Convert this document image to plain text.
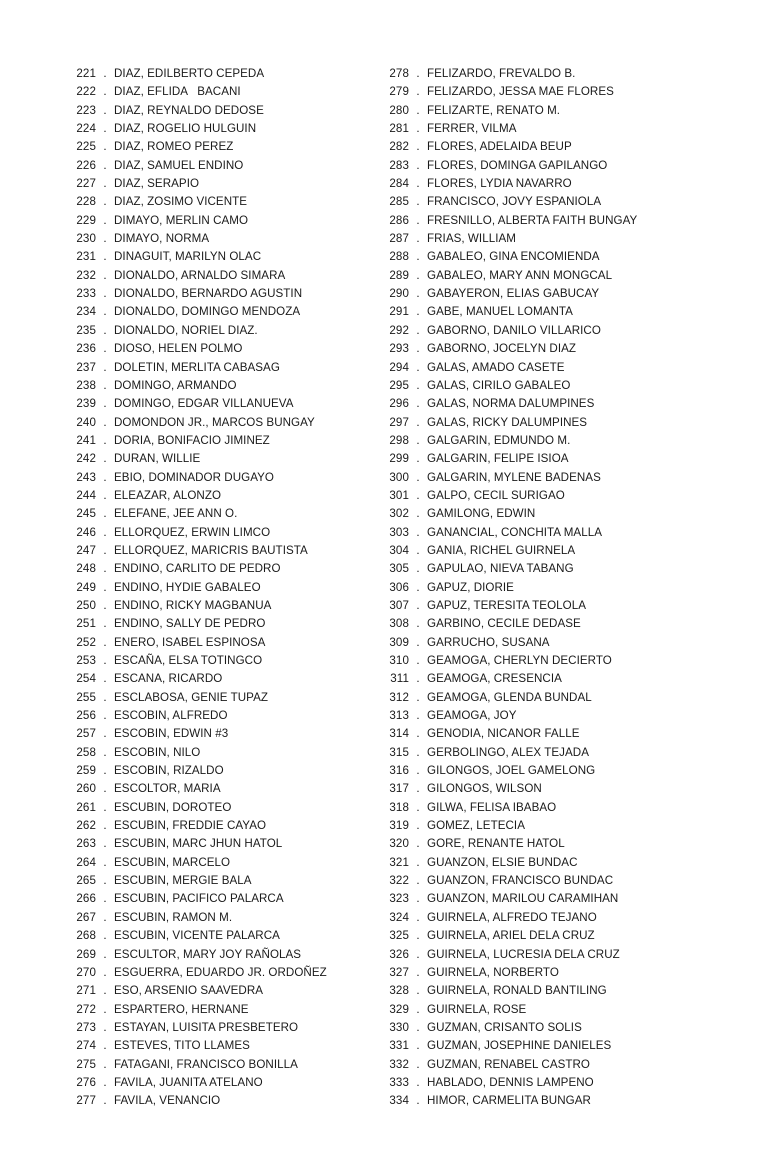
221 . DIAZ, EDILBERTO CEPEDA
222 . DIAZ, EFLIDA   BACANI
223 . DIAZ, REYNALDO DEDOSE
224 . DIAZ, ROGELIO HULGUIN
225 . DIAZ, ROMEO PEREZ
226 . DIAZ, SAMUEL ENDINO
227 . DIAZ, SERAPIO
228 . DIAZ, ZOSIMO VICENTE
229 . DIMAYO, MERLIN CAMO
230 . DIMAYO, NORMA
231 . DINAGUIT, MARILYN OLAC
232 . DIONALDO, ARNALDO SIMARA
233 . DIONALDO, BERNARDO AGUSTIN
234 . DIONALDO, DOMINGO MENDOZA
235 . DIONALDO, NORIEL DIAZ.
236 . DIOSO, HELEN POLMO
237 . DOLETIN, MERLITA CABASAG
238 . DOMINGO, ARMANDO
239 . DOMINGO, EDGAR VILLANUEVA
240 . DOMONDON JR., MARCOS BUNGAY
241 . DORIA, BONIFACIO JIMINEZ
242 . DURAN, WILLIE
243 . EBIO, DOMINADOR DUGAYO
244 . ELEAZAR, ALONZO
245 . ELEFANE, JEE ANN O.
246 . ELLORQUEZ, ERWIN LIMCO
247 . ELLORQUEZ, MARICRIS BAUTISTA
248 . ENDINO, CARLITO DE PEDRO
249 . ENDINO, HYDIE GABALEO
250 . ENDINO, RICKY MAGBANUA
251 . ENDINO, SALLY DE PEDRO
252 . ENERO, ISABEL ESPINOSA
253 . ESCAÑA, ELSA TOTINGCO
254 . ESCANA, RICARDO
255 . ESCLABOSA, GENIE TUPAZ
256 . ESCOBIN, ALFREDO
257 . ESCOBIN, EDWIN #3
258 . ESCOBIN, NILO
259 . ESCOBIN, RIZALDO
260 . ESCOLTOR, MARIA
261 . ESCUBIN, DOROTEO
262 . ESCUBIN, FREDDIE CAYAO
263 . ESCUBIN, MARC JHUN HATOL
264 . ESCUBIN, MARCELO
265 . ESCUBIN, MERGIE BALA
266 . ESCUBIN, PACIFICO PALARCA
267 . ESCUBIN, RAMON M.
268 . ESCUBIN, VICENTE PALARCA
269 . ESCULTOR, MARY JOY RAÑOLAS
270 . ESGUERRA, EDUARDO JR. ORDOÑEZ
271 . ESO, ARSENIO SAAVEDRA
272 . ESPARTERO, HERNANE
273 . ESTAYAN, LUISITA PRESBETERO
274 . ESTEVES, TITO LLAMES
275 . FATAGANI, FRANCISCO BONILLA
276 . FAVILA, JUANITA ATELANO
277 . FAVILA, VENANCIO
278 . FELIZARDO, FREVALDO B.
279 . FELIZARDO, JESSA MAE FLORES
280 . FELIZARTE, RENATO M.
281 . FERRER, VILMA
282 . FLORES, ADELAIDA BEUP
283 . FLORES, DOMINGA GAPILANGO
284 . FLORES, LYDIA NAVARRO
285 . FRANCISCO, JOVY ESPANIOLA
286 . FRESNILLO, ALBERTA FAITH BUNGAY
287 . FRIAS, WILLIAM
288 . GABALEO, GINA ENCOMIENDA
289 . GABALEO, MARY ANN MONGCAL
290 . GABAYERON, ELIAS GABUCAY
291 . GABE, MANUEL LOMANTA
292 . GABORNO, DANILO VILLARICO
293 . GABORNO, JOCELYN DIAZ
294 . GALAS, AMADO CASETE
295 . GALAS, CIRILO GABALEO
296 . GALAS, NORMA DALUMPINES
297 . GALAS, RICKY DALUMPINES
298 . GALGARIN, EDMUNDO M.
299 . GALGARIN, FELIPE ISIOA
300 . GALGARIN, MYLENE BADENAS
301 . GALPO, CECIL SURIGAO
302 . GAMILONG, EDWIN
303 . GANANCIAL, CONCHITA MALLA
304 . GANIA, RICHEL GUIRNELA
305 . GAPULAO, NIEVA TABANG
306 . GAPUZ, DIORIE
307 . GAPUZ, TERESITA TEOLOLA
308 . GARBINO, CECILE DEDASE
309 . GARRUCHO, SUSANA
310 . GEAMOGA, CHERLYN DECIERTO
311 . GEAMOGA, CRESENCIA
312 . GEAMOGA, GLENDA BUNDAL
313 . GEAMOGA, JOY
314 . GENODIA, NICANOR FALLE
315 . GERBOLINGO, ALEX TEJADA
316 . GILONGOS, JOEL GAMELONG
317 . GILONGOS, WILSON
318 . GILWA, FELISA IBABAO
319 . GOMEZ, LETECIA
320 . GORE, RENANTE HATOL
321 . GUANZON, ELSIE BUNDAC
322 . GUANZON, FRANCISCO BUNDAC
323 . GUANZON, MARILOU CARAMIHAN
324 . GUIRNELA, ALFREDO TEJANO
325 . GUIRNELA, ARIEL DELA CRUZ
326 . GUIRNELA, LUCRESIA DELA CRUZ
327 . GUIRNELA, NORBERTO
328 . GUIRNELA, RONALD BANTILING
329 . GUIRNELA, ROSE
330 . GUZMAN, CRISANTO SOLIS
331 . GUZMAN, JOSEPHINE DANIELES
332 . GUZMAN, RENABEL CASTRO
333 . HABLADO, DENNIS LAMPENO
334 . HIMOR, CARMELITA BUNGAR
